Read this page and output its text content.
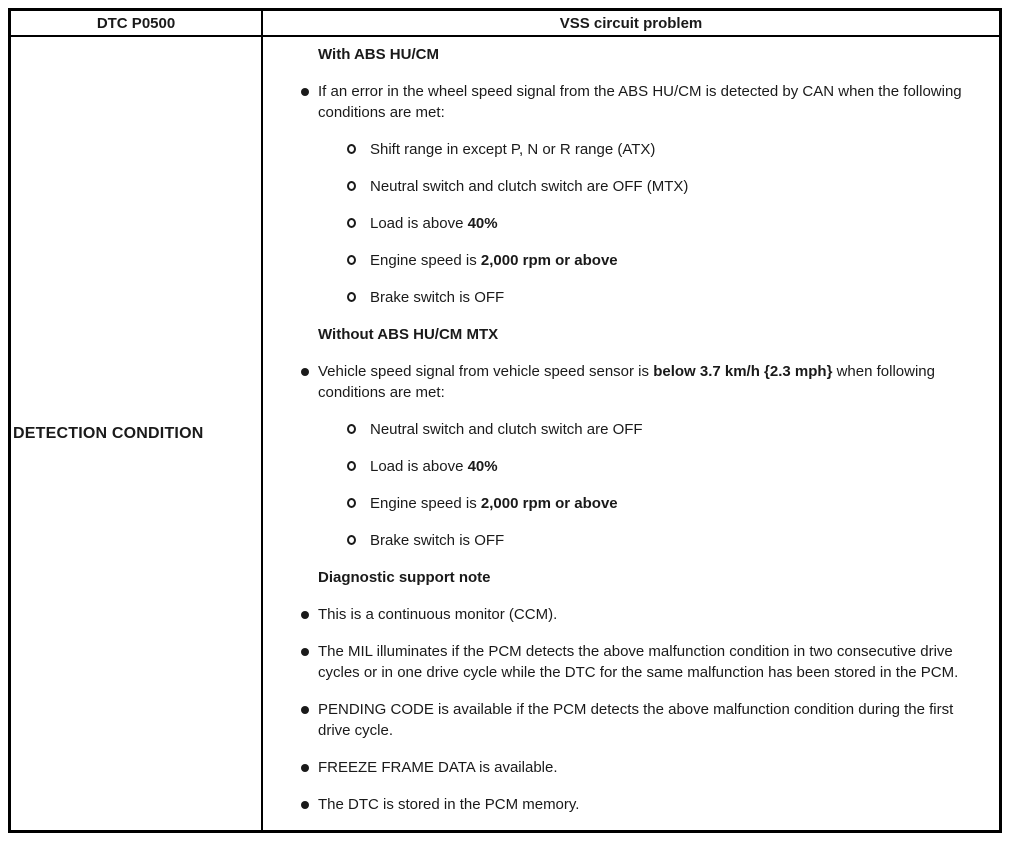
DTC P0500	VSS circuit problem
DETECTION CONDITION
With ABS HU/CM
If an error in the wheel speed signal from the ABS HU/CM is detected by CAN when the following conditions are met:
Shift range in except P, N or R range (ATX)
Neutral switch and clutch switch are OFF (MTX)
Load is above 40%
Engine speed is 2,000 rpm or above
Brake switch is OFF
Without ABS HU/CM MTX
Vehicle speed signal from vehicle speed sensor is below 3.7 km/h {2.3 mph} when following conditions are met:
Neutral switch and clutch switch are OFF
Load is above 40%
Engine speed is 2,000 rpm or above
Brake switch is OFF
Diagnostic support note
This is a continuous monitor (CCM).
The MIL illuminates if the PCM detects the above malfunction condition in two consecutive drive cycles or in one drive cycle while the DTC for the same malfunction has been stored in the PCM.
PENDING CODE is available if the PCM detects the above malfunction condition during the first drive cycle.
FREEZE FRAME DATA is available.
The DTC is stored in the PCM memory.
